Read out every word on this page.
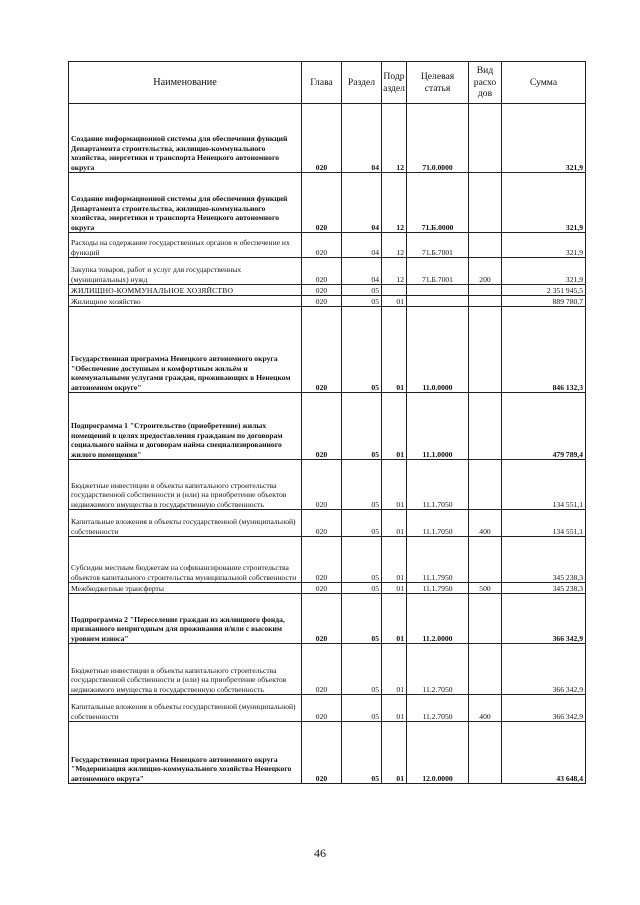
Наименование	Глава	Раздел	Подр аздел	Целевая статья	Вид расхо дов	Сумма
Создание информационной системы для обеспечения функций Департамента строительства, жилищно-коммунального хозяйства, энергетики и транспорта Ненецкого автономного округа	020	04	12	71.0.0000		321,9
Создание информационной системы для обеспечения функций Департамента строительства, жилищно-коммунального хозяйства, энергетики и транспорта Ненецкого автономного округа	020	04	12	71.Б.0000		321,9
Расходы на содержание государственных органов и обеспечение их функций	020	04	12	71.Б.7001		321,9
Закупка товаров, работ и услуг для государственных (муниципальных) нужд	020	04	12	71.Б.7001	200	321,9
ЖИЛИЩНО-КОММУНАЛЬНОЕ ХОЗЯЙСТВО	020	05				2 351 945,5
Жилищное хозяйство	020	05	01			889 780,7
Государственная программа Ненецкого автономного округа "Обеспечение доступным и комфортным жильём и коммунальными услугами граждан, проживающих в Ненецком автономном округе"	020	05	01	11.0.0000		846 132,3
Подпрограмма 1 "Строительство (приобретение) жилых помещений в целях предоставления гражданам по договорам социального найма и договорам найма специализированного жилого помещения"	020	05	01	11.1.0000		479 789,4
Бюджетные инвестиции в объекты капитального строительства государственной собственности и (или) на приобретение объектов недвижимого имущества в государственную собственность	020	05	01	11.1.7050		134 551,1
Капитальные вложения в объекты государственной (муниципальной) собственности	020	05	01	11.1.7050	400	134 551,1
Субсидии местным бюджетам на софинансирование строительства объектов капитального строительства муниципальной собственности	020	05	01	11.1.7950		345 238,3
Межбюджетные трансферты	020	05	01	11.1.7950	500	345 238,3
Подпрограмма 2 "Переселение граждан из жилищного фонда, признанного непригодным для проживания и/или с высоким уровнем износа"	020	05	01	11.2.0000		366 342,9
Бюджетные инвестиции в объекты капитального строительства государственной собственности и (или) на приобретение объектов недвижимого имущества в государственную собственность	020	05	01	11.2.7050		366 342,9
Капитальные вложения в объекты государственной (муниципальной) собственности	020	05	01	11.2.7050	400	366 342,9
Государственная программа Ненецкого автономного округа "Модернизация жилищно-коммунального хозяйства Ненецкого автономного округа"	020	05	01	12.0.0000		43 648,4
46
